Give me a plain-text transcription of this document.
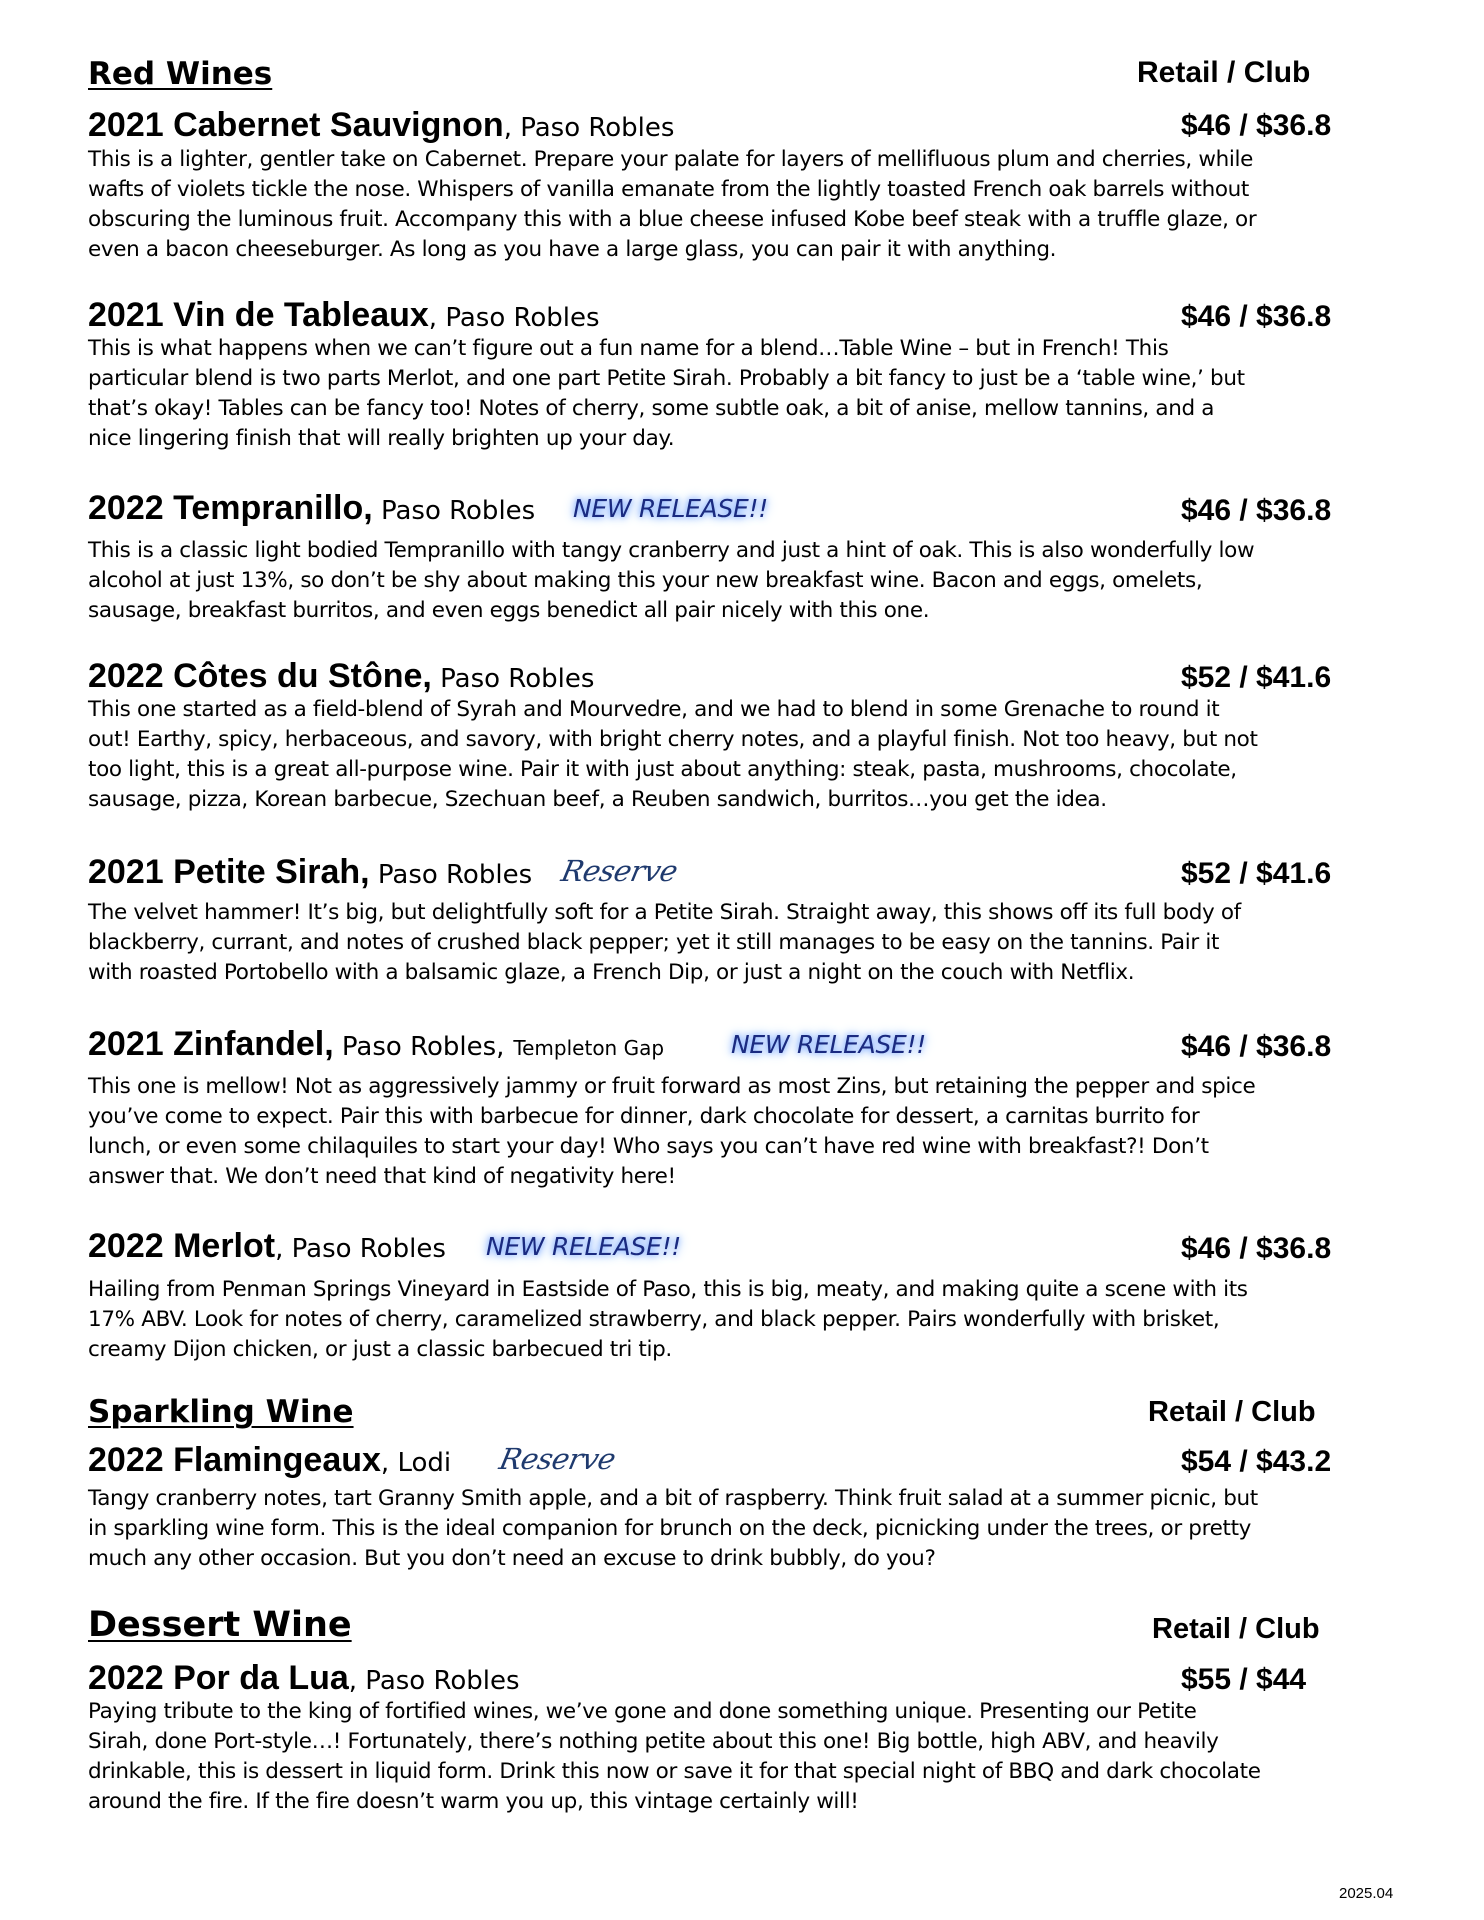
Red Wines	Retail / Club
2021 Cabernet Sauvignon, Paso Robles	$46 / $36.8
This is a lighter, gentler take on Cabernet. Prepare your palate for layers of mellifluous plum and cherries, while
wafts of violets tickle the nose. Whispers of vanilla emanate from the lightly toasted French oak barrels without
obscuring the luminous fruit. Accompany this with a blue cheese infused Kobe beef steak with a truffle glaze, or
even a bacon cheeseburger. As long as you have a large glass, you can pair it with anything.
2021 Vin de Tableaux, Paso Robles	$46 / $36.8
This is what happens when we can’t figure out a fun name for a blend…Table Wine – but in French! This
particular blend is two parts Merlot, and one part Petite Sirah. Probably a bit fancy to just be a ‘table wine,’ but
that’s okay! Tables can be fancy too! Notes of cherry, some subtle oak, a bit of anise, mellow tannins, and a
nice lingering finish that will really brighten up your day.
2022 Tempranillo, Paso Robles NEW RELEASE!!	$46 / $36.8
This is a classic light bodied Tempranillo with tangy cranberry and just a hint of oak. This is also wonderfully low
alcohol at just 13%, so don’t be shy about making this your new breakfast wine. Bacon and eggs, omelets,
sausage, breakfast burritos, and even eggs benedict all pair nicely with this one.
2022 Côtes du Stône, Paso Robles	$52 / $41.6
This one started as a field-blend of Syrah and Mourvedre, and we had to blend in some Grenache to round it
out! Earthy, spicy, herbaceous, and savory, with bright cherry notes, and a playful finish. Not too heavy, but not
too light, this is a great all-purpose wine. Pair it with just about anything: steak, pasta, mushrooms, chocolate,
sausage, pizza, Korean barbecue, Szechuan beef, a Reuben sandwich, burritos…you get the idea.
2021 Petite Sirah, Paso Robles Reserve	$52 / $41.6
The velvet hammer! It’s big, but delightfully soft for a Petite Sirah. Straight away, this shows off its full body of
blackberry, currant, and notes of crushed black pepper; yet it still manages to be easy on the tannins. Pair it
with roasted Portobello with a balsamic glaze, a French Dip, or just a night on the couch with Netflix.
2021 Zinfandel, Paso Robles, Templeton Gap	NEW RELEASE!!	$46 / $36.8
This one is mellow! Not as aggressively jammy or fruit forward as most Zins, but retaining the pepper and spice
you’ve come to expect. Pair this with barbecue for dinner, dark chocolate for dessert, a carnitas burrito for
lunch, or even some chilaquiles to start your day! Who says you can’t have red wine with breakfast?! Don’t
answer that. We don’t need that kind of negativity here!
2022 Merlot, Paso Robles NEW RELEASE!!	$46 / $36.8
Hailing from Penman Springs Vineyard in Eastside of Paso, this is big, meaty, and making quite a scene with its
17% ABV. Look for notes of cherry, caramelized strawberry, and black pepper. Pairs wonderfully with brisket,
creamy Dijon chicken, or just a classic barbecued tri tip.
Sparkling Wine	Retail / Club
2022 Flamingeaux, Lodi Reserve	$54 / $43.2
Tangy cranberry notes, tart Granny Smith apple, and a bit of raspberry. Think fruit salad at a summer picnic, but
in sparkling wine form. This is the ideal companion for brunch on the deck, picnicking under the trees, or pretty
much any other occasion. But you don’t need an excuse to drink bubbly, do you?
Dessert Wine	Retail / Club
2022 Por da Lua, Paso Robles	$55 / $44
Paying tribute to the king of fortified wines, we’ve gone and done something unique. Presenting our Petite
Sirah, done Port-style…! Fortunately, there’s nothing petite about this one! Big bottle, high ABV, and heavily
drinkable, this is dessert in liquid form. Drink this now or save it for that special night of BBQ and dark chocolate
around the fire. If the fire doesn’t warm you up, this vintage certainly will!
2025.04
